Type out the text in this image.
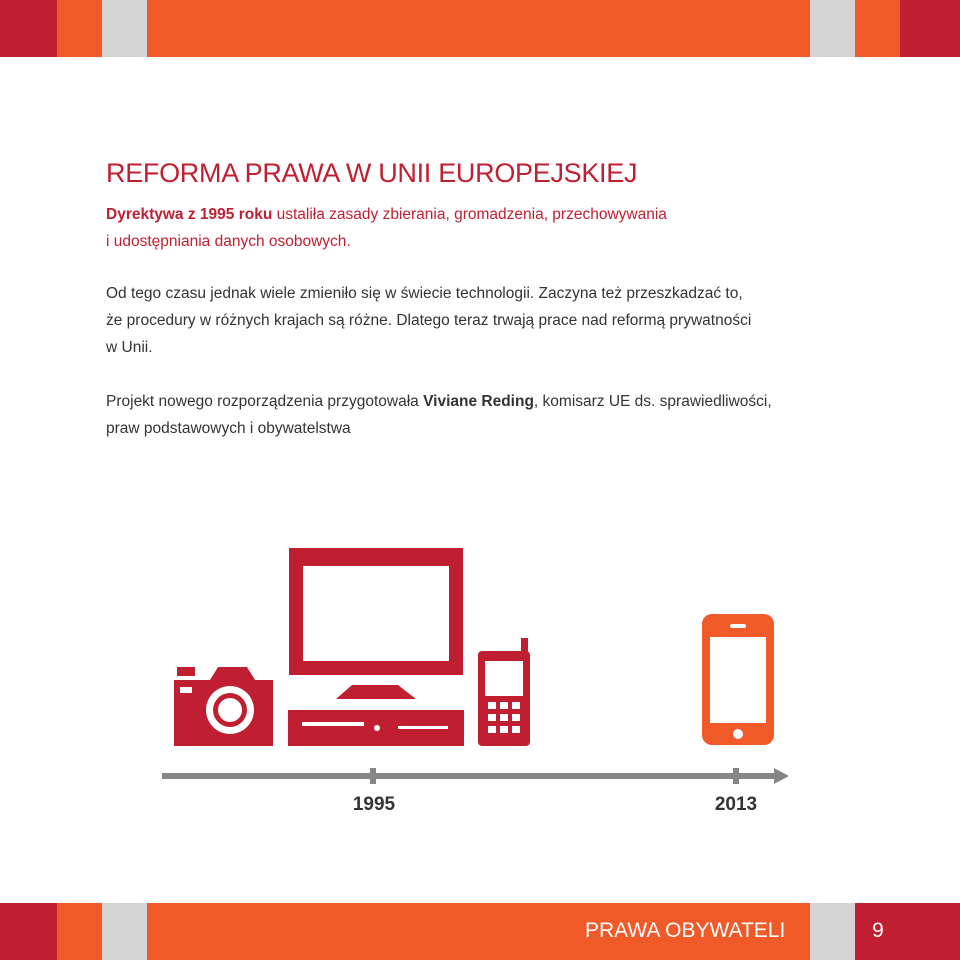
REFORMA PRAWA W UNII EUROPEJSKIEJ

Dyrektywa z 1995 roku ustaliła zasady zbierania, gromadzenia, przechowywania
i udostępniania danych osobowych.

Od tego czasu jednak wiele zmieniło się w świecie technologii. Zaczyna też przeszkadzać to,
że procedury w różnych krajach są różne. Dlatego teraz trwają prace nad reformą prywatności
w Unii.

Projekt nowego rozporządzenia przygotowała Viviane Reding, komisarz UE ds. sprawiedliwości,
praw podstawowych i obywatelstwa

1995	2013
PRAWA OBYWATELI	9
